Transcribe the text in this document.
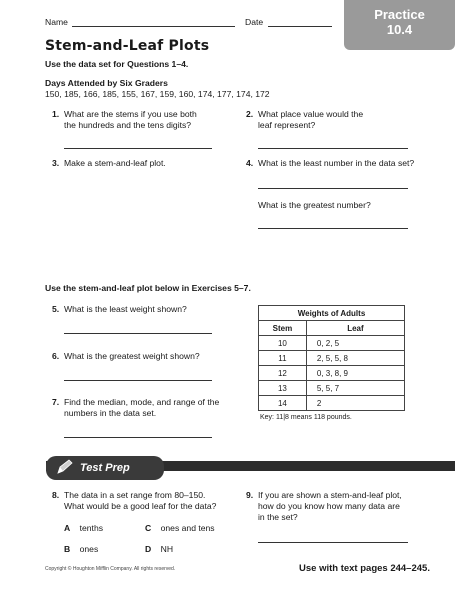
Name	Date	Practice
10.4
Stem-and-Leaf Plots
Use the data set for Questions 1–4.
Days Attended by Six Graders
150, 185, 166, 185, 155, 167, 159, 160, 174, 177, 174, 172
1. What are the stems if you use both
the hundreds and the tens digits?
2. What place value would the
leaf represent?
3. Make a stem-and-leaf plot.	4. What is the least number in the data set?
What is the greatest number?
Use the stem-and-leaf plot below in Exercises 5–7.
5. What is the least weight shown?
6. What is the greatest weight shown?
7. Find the median, mode, and range of the
numbers in the data set.
Weights of Adults	
Stem	Leaf
10	0, 2, 5
11	2, 5, 5, 8
12	0, 3, 8, 9
13	5, 5, 7
14	2
Key: 11|8 means 118 pounds.
Test Prep
8. The data in a set range from 80–150.
What would be a good leaf for the data?
A tenths	C ones and tens
B ones	D NH
9. If you are shown a stem-and-leaf plot,
how do you know how many data are
in the set?
Copyright © Houghton Mifflin Company. All rights reserved.	Use with text pages 244–245.
